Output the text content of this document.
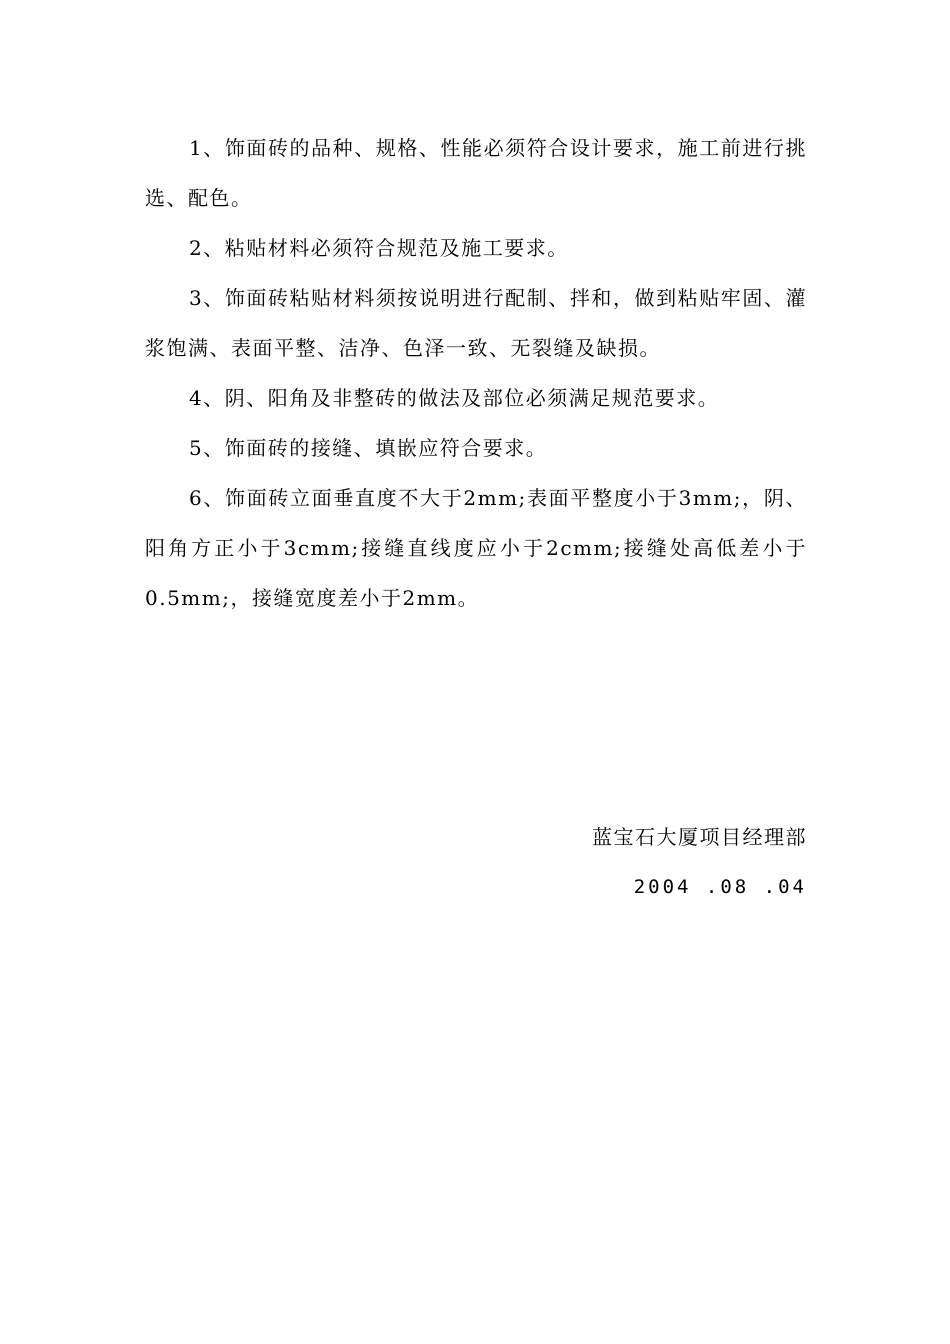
1、饰面砖的品种、规格、性能必须符合设计要求，施工前进行挑选、配色。

2、粘贴材料必须符合规范及施工要求。

3、饰面砖粘贴材料须按说明进行配制、拌和，做到粘贴牢固、灌浆饱满、表面平整、洁净、色泽一致、无裂缝及缺损。

4、阴、阳角及非整砖的做法及部位必须满足规范要求。

5、饰面砖的接缝、填嵌应符合要求。

6、饰面砖立面垂直度不大于2mm;表面平整度小于3mm;，阴、阳角方正小于3cmm;接缝直线度应小于2cmm;接缝处高低差小于0.5mm;，接缝宽度差小于2mm。

蓝宝石大厦项目经理部
2004 .08 .04
